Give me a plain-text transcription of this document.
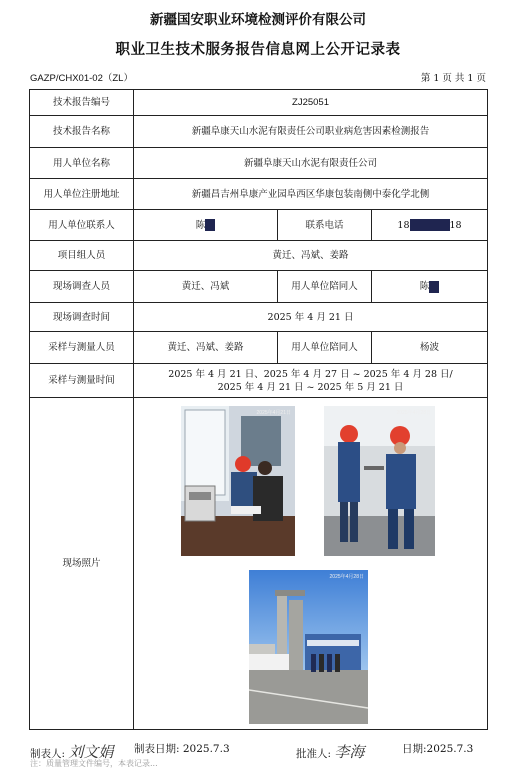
新疆国安职业环境检测评价有限公司
职业卫生技术服务报告信息网上公开记录表
GAZP/CHX01-02（ZL）	第 1 页 共 1 页
技术报告编号	ZJ25051		
技术报告名称	新疆阜康天山水泥有限责任公司职业病危害因素检测报告		
用人单位名称	新疆阜康天山水泥有限责任公司		
用人单位注册地址	新疆昌吉州阜康产业园阜西区华康包装南侧中泰化学北侧		
用人单位联系人	陈	联系电话	18 18
项目组人员	黄迁、冯斌、姜路		
现场调查人员	黄迁、冯斌	用人单位陪同人	陈
现场调查时间	2025 年 4 月 21 日		
采样与测量人员	黄迁、冯斌、姜路	用人单位陪同人	杨波
采样与测量时间	2025 年 4 月 21 日、2025 年 4 月 27 日 ~ 2025 年 4 月 28 日/
2025 年 4 月 21 日 ~ 2025 年 5 月 21 日		

现场照片			
2025年4月21日	2025年4月28日
2025年4月28日
制表人: 刘文娟 制表日期: 2025.7.3	批准人: 李海	日期:2025.7.3
注：质量管理文件编号，本表记录...
